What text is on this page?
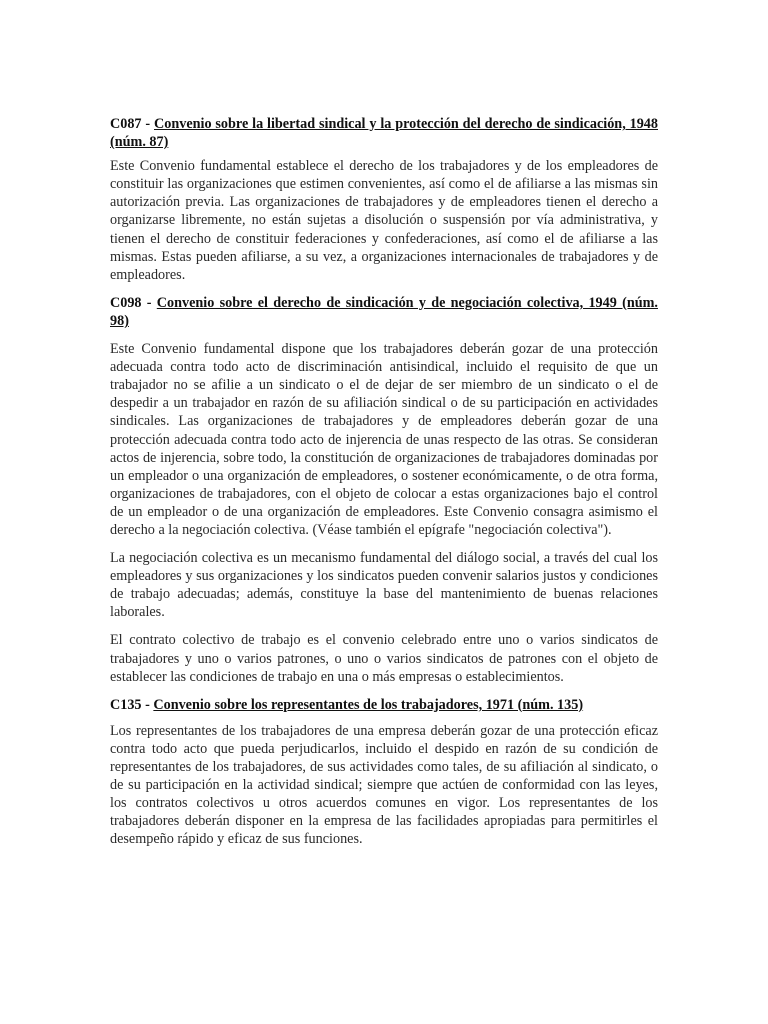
C087 - Convenio sobre la libertad sindical y la protección del derecho de sindicación, 1948 (núm. 87)

Este Convenio fundamental establece el derecho de los trabajadores y de los empleadores de constituir las organizaciones que estimen convenientes, así como el de afiliarse a las mismas sin autorización previa. Las organizaciones de trabajadores y de empleadores tienen el derecho a organizarse libremente, no están sujetas a disolución o suspensión por vía administrativa, y tienen el derecho de constituir federaciones y confederaciones, así como el de afiliarse a las mismas. Estas pueden afiliarse, a su vez, a organizaciones internacionales de trabajadores y de empleadores.

C098 - Convenio sobre el derecho de sindicación y de negociación colectiva, 1949 (núm. 98)

Este Convenio fundamental dispone que los trabajadores deberán gozar de una protección adecuada contra todo acto de discriminación antisindical, incluido el requisito de que un trabajador no se afilie a un sindicato o el de dejar de ser miembro de un sindicato o el de despedir a un trabajador en razón de su afiliación sindical o de su participación en actividades sindicales. Las organizaciones de trabajadores y de empleadores deberán gozar de una protección adecuada contra todo acto de injerencia de unas respecto de las otras. Se consideran actos de injerencia, sobre todo, la constitución de organizaciones de trabajadores dominadas por un empleador o una organización de empleadores, o sostener económicamente, o de otra forma, organizaciones de trabajadores, con el objeto de colocar a estas organizaciones bajo el control de un empleador o de una organización de empleadores. Este Convenio consagra asimismo el derecho a la negociación colectiva. (Véase también el epígrafe "negociación colectiva").

La negociación colectiva es un mecanismo fundamental del diálogo social, a través del cual los empleadores y sus organizaciones y los sindicatos pueden convenir salarios justos y condiciones de trabajo adecuadas; además, constituye la base del mantenimiento de buenas relaciones laborales.

El contrato colectivo de trabajo es el convenio celebrado entre uno o varios sindicatos de trabajadores y uno o varios patrones, o uno o varios sindicatos de patrones con el objeto de establecer las condiciones de trabajo en una o más empresas o establecimientos.

C135 - Convenio sobre los representantes de los trabajadores, 1971 (núm. 135)

Los representantes de los trabajadores de una empresa deberán gozar de una protección eficaz contra todo acto que pueda perjudicarlos, incluido el despido en razón de su condición de representantes de los trabajadores, de sus actividades como tales, de su afiliación al sindicato, o de su participación en la actividad sindical; siempre que actúen de conformidad con las leyes, los contratos colectivos u otros acuerdos comunes en vigor. Los representantes de los trabajadores deberán disponer en la empresa de las facilidades apropiadas para permitirles el desempeño rápido y eficaz de sus funciones.
